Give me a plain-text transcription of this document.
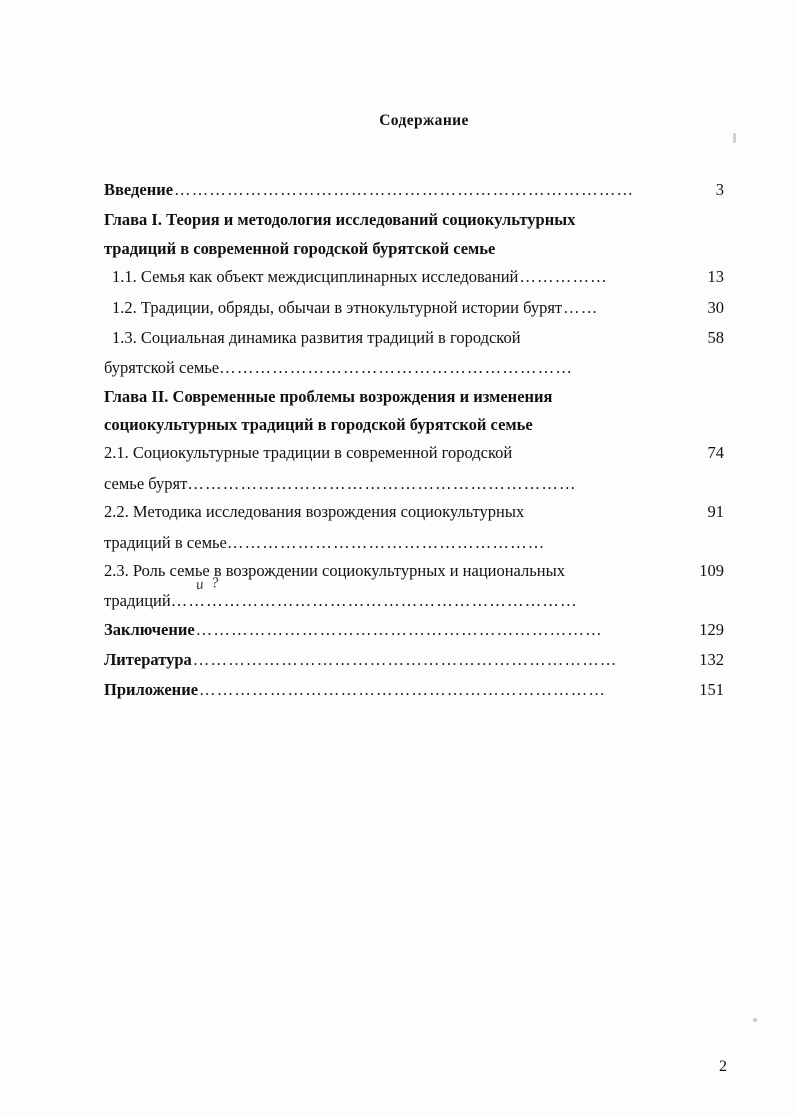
Содержание
Введение ……………………………………………………………………	3
Глава I. Теория и методология исследований социокультурных
традиций в современной городской бурятской семье
1.1. Семья как объект междисциплинарных исследований ……………	13
1.2. Традиции, обряды, обычаи в этнокультурной истории бурят ……	30
1.3. Социальная динамика развития традиций в городской	58
бурятской семье ……………………………………………………
Глава II. Современные проблемы возрождения и изменения
социокультурных традиций в городской бурятской семье
2.1. Социокультурные традиции в современной городской	74
семье бурят …………………………………………………………
2.2. Методика исследования возрождения социокультурных	91
традиций в семье ………………………………………………
2.3. Роль семье в возрождении социокультурных и национальных	109
традиций ……………………………………………………………
Заключение ……………………………………………………………	129
Литература ………………………………………………………………	132
Приложение ……………………………………………………………	151
и ?
2
